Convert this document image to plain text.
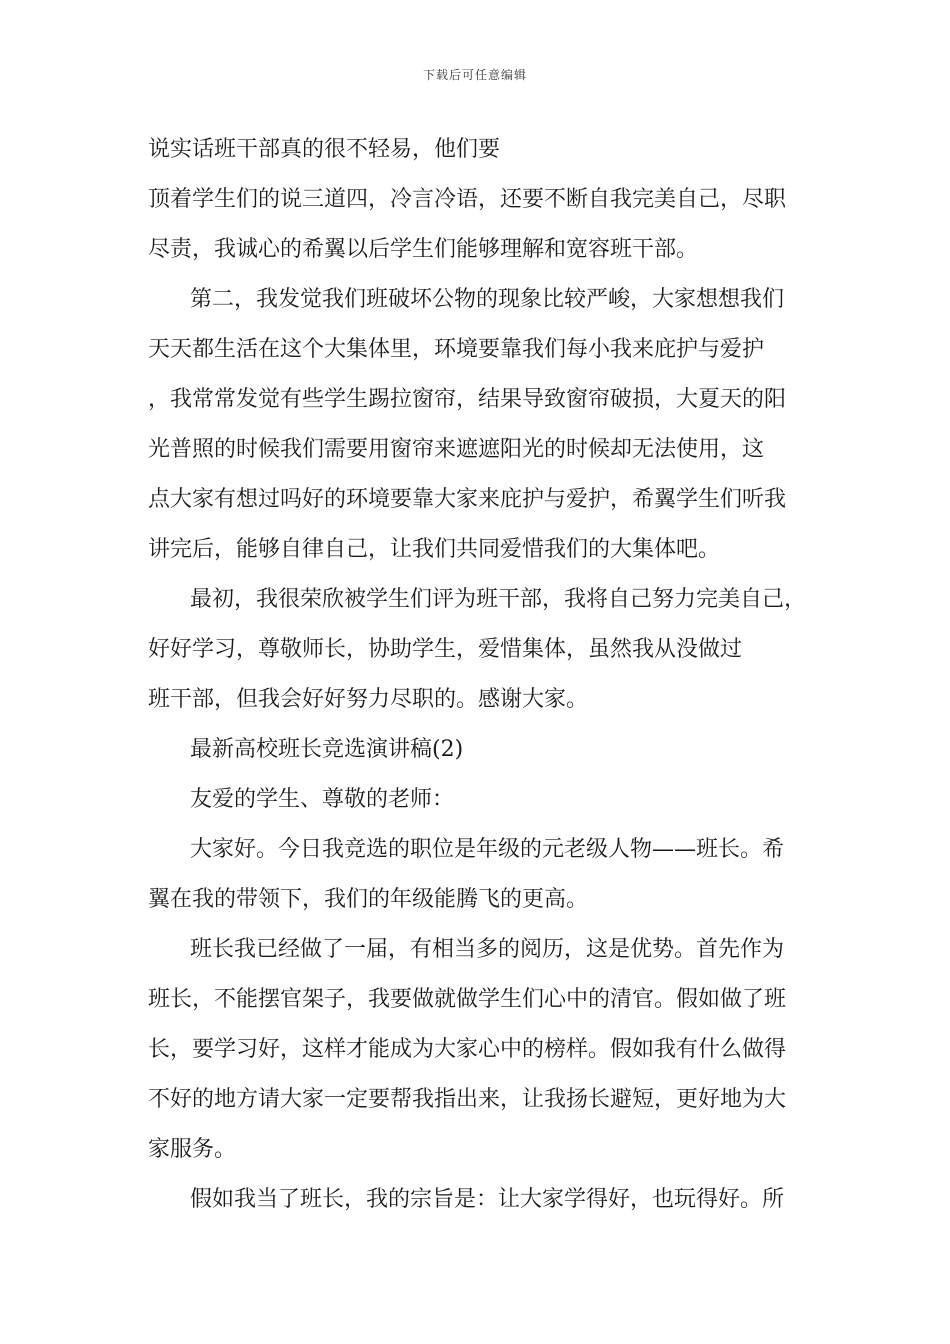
下载后可任意编辑
说实话班干部真的很不轻易，他们要
顶着学生们的说三道四，冷言冷语，还要不断自我完美自己，尽职
尽责，我诚心的希翼以后学生们能够理解和宽容班干部。
第二，我发觉我们班破坏公物的现象比较严峻，大家想想我们
天天都生活在这个大集体里，环境要靠我们每小我来庇护与爱护
，我常常发觉有些学生踢拉窗帘，结果导致窗帘破损，大夏天的阳
光普照的时候我们需要用窗帘来遮遮阳光的时候却无法使用，这
点大家有想过吗好的环境要靠大家来庇护与爱护，希翼学生们听我
讲完后，能够自律自己，让我们共同爱惜我们的大集体吧。
最初，我很荣欣被学生们评为班干部，我将自己努力完美自己，
好好学习，尊敬师长，协助学生，爱惜集体，虽然我从没做过
班干部，但我会好好努力尽职的。感谢大家。
最新高校班长竞选演讲稿(2)
友爱的学生、尊敬的老师：
大家好。今日我竞选的职位是年级的元老级人物——班长。希
翼在我的带领下，我们的年级能腾飞的更高。
班长我已经做了一届，有相当多的阅历，这是优势。首先作为
班长，不能摆官架子，我要做就做学生们心中的清官。假如做了班
长，要学习好，这样才能成为大家心中的榜样。假如我有什么做得
不好的地方请大家一定要帮我指出来，让我扬长避短，更好地为大
家服务。
假如我当了班长，我的宗旨是：让大家学得好，也玩得好。所
